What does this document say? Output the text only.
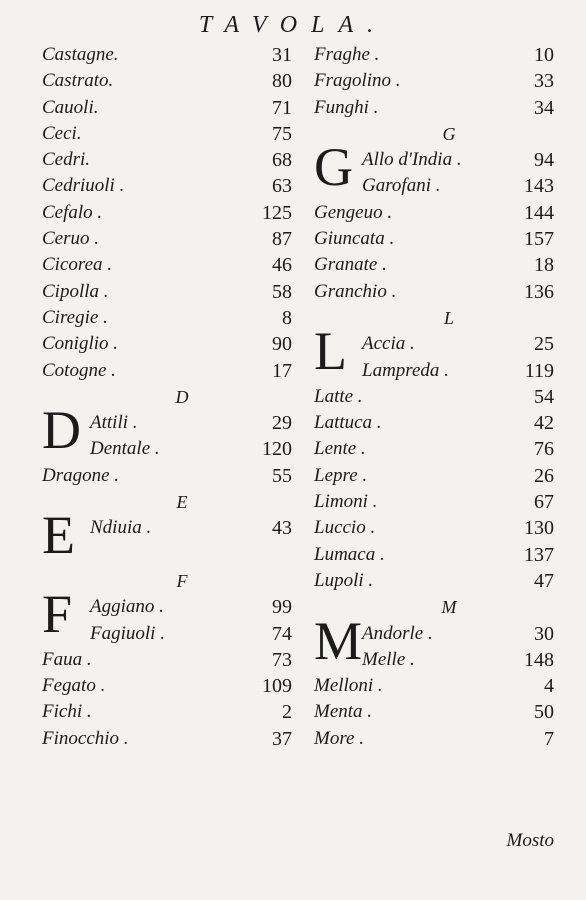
TAVOLA.
Castagne.	31
Castrato.	80
Cauoli.	71
Ceci.	75
Cedri.	68
Cedriuoli .	63
Cefalo .	125
Ceruo .	87
Cicorea .	46
Cipolla .	58
Ciregie .	8
Coniglio .	90
Cotogne .	17
D
D Attili .	29
Dentale .	120
Dragone .	55
E
E Ndiuia .	43
F
F Aggiano .	99
Fagiuoli .	74
Faua .	73
Fegato .	109
Fichi .	2
Finocchio .	37
Fraghe .	10
Fragolino .	33
Funghi .	34
G
G Allo d'India .	94
Garofani .	143
Gengeuo .	144
Giuncata .	157
Granate .	18
Granchio .	136
L
L Accia .	25
Lampreda .	119
Latte .	54
Lattuca .	42
Lente .	76
Lepre .	26
Limoni .	67
Luccio .	130
Lumaca .	137
Lupoli .	47
M
M Andorle .	30
Melle .	148
Melloni .	4
Menta .	50
More .	7
Mosto
